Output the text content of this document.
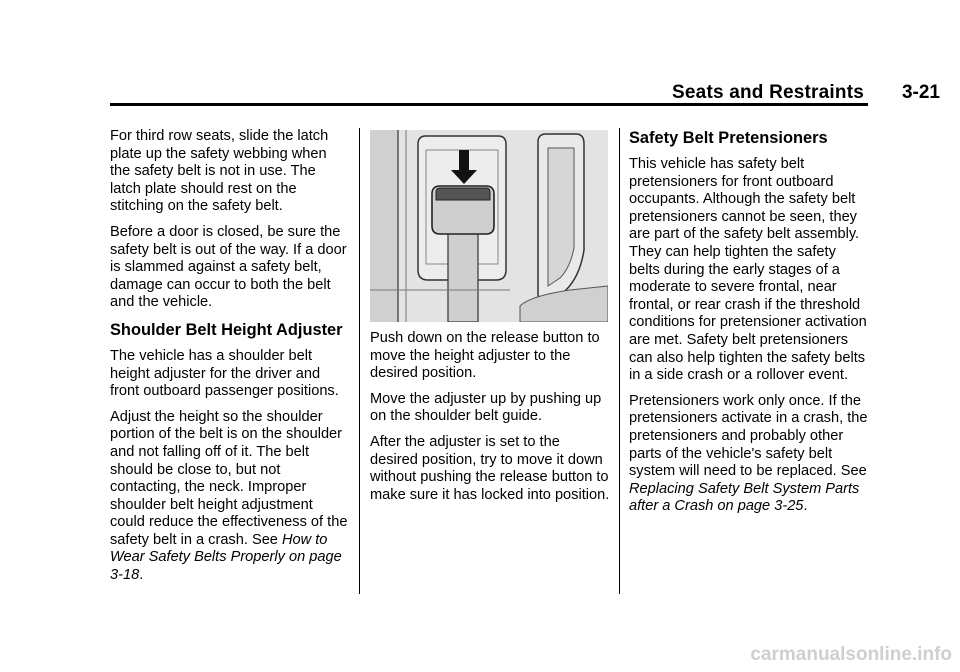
Seats and Restraints 3-21

For third row seats, slide the latch plate up the safety webbing when the safety belt is not in use. The latch plate should rest on the stitching on the safety belt.

Before a door is closed, be sure the safety belt is out of the way. If a door is slammed against a safety belt, damage can occur to both the belt and the vehicle.

Shoulder Belt Height Adjuster

The vehicle has a shoulder belt height adjuster for the driver and front outboard passenger positions.

Adjust the height so the shoulder portion of the belt is on the shoulder and not falling off of it. The belt should be close to, but not contacting, the neck. Improper shoulder belt height adjustment could reduce the effectiveness of the safety belt in a crash. See How to Wear Safety Belts Properly on page 3-18.

Push down on the release button to move the height adjuster to the desired position.

Move the adjuster up by pushing up on the shoulder belt guide.

After the adjuster is set to the desired position, try to move it down without pushing the release button to make sure it has locked into position.

Safety Belt Pretensioners

This vehicle has safety belt pretensioners for front outboard occupants. Although the safety belt pretensioners cannot be seen, they are part of the safety belt assembly. They can help tighten the safety belts during the early stages of a moderate to severe frontal, near frontal, or rear crash if the threshold conditions for pretensioner activation are met. Safety belt pretensioners can also help tighten the safety belts in a side crash or a rollover event.

Pretensioners work only once. If the pretensioners activate in a crash, the pretensioners and probably other parts of the vehicle's safety belt system will need to be replaced. See Replacing Safety Belt System Parts after a Crash on page 3-25.

carmanualsonline.info
